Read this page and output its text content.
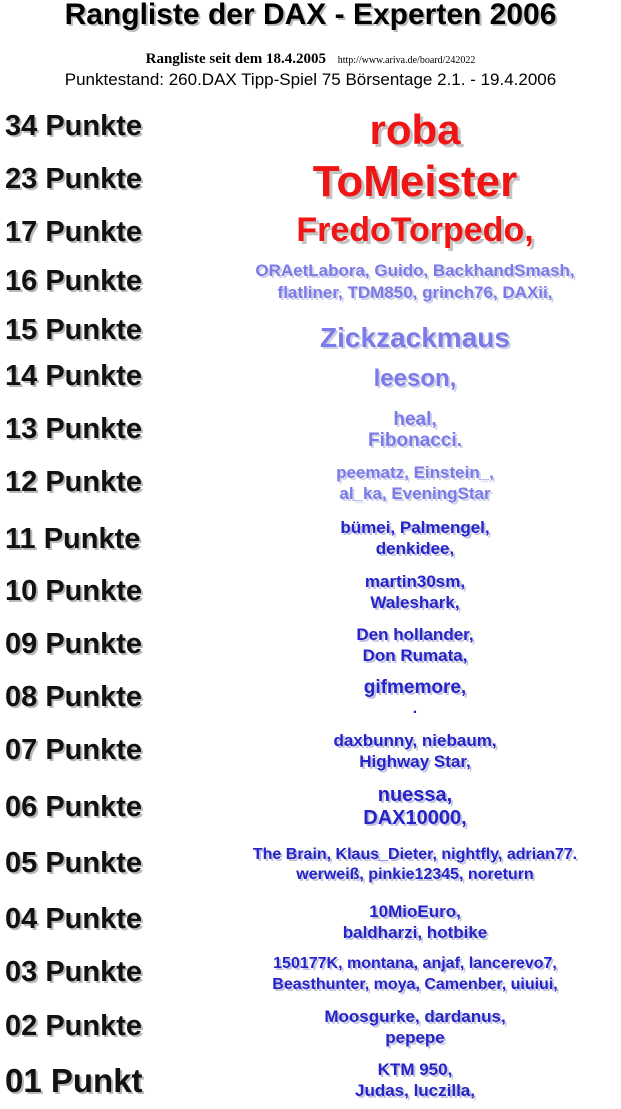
Rangliste der DAX - Experten 2006
Rangliste seit dem 18.4.2005 http://www.ariva.de/board/242022
Punktestand: 260.DAX Tipp-Spiel 75 Börsentage 2.1. - 19.4.2006
34 Punkte	roba
23 Punkte	ToMeister
17 Punkte	FredoTorpedo,
16 Punkte	ORAetLabora, Guido, BackhandSmash,
flatliner, TDM850, grinch76, DAXii,
15 Punkte	Zickzackmaus
14 Punkte	leeson,
13 Punkte	heal,
Fibonacci.
12 Punkte	peematz, Einstein_,
al_ka, EveningStar
11 Punkte	bümei, Palmengel,
denkidee,
10 Punkte	martin30sm,
Waleshark,
09 Punkte	Den hollander,
Don Rumata,
08 Punkte	gifmemore,
.
07 Punkte	daxbunny, niebaum,
Highway Star,
06 Punkte	nuessa,
DAX10000,
05 Punkte	The Brain, Klaus_Dieter, nightfly, adrian77.
werweiß, pinkie12345, noreturn
04 Punkte	10MioEuro,
baldharzi, hotbike
03 Punkte	150177K, montana, anjaf, lancerevo7,
Beasthunter, moya, Camenber, uiuiui,
02 Punkte	Moosgurke, dardanus,
pepepe
01 Punkt	KTM 950,
Judas, luczilla,
